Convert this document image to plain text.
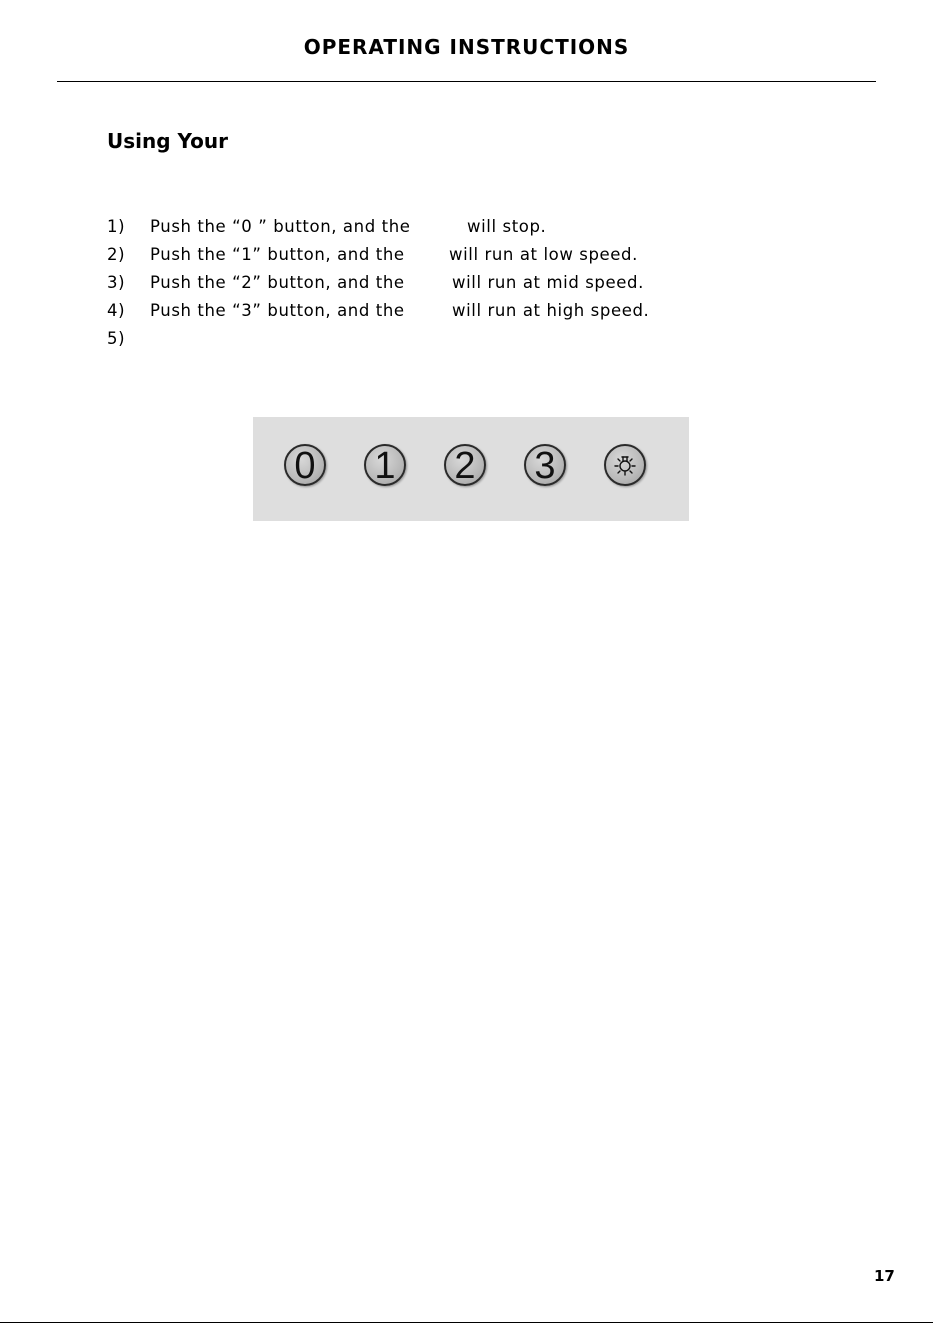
OPERATING INSTRUCTIONS
Using Your
1) Push the “0 ” button, and the	will stop.
2) Push the “1” button, and the	will run at low speed.
3) Push the “2” button, and the	will run at mid speed.
4) Push the “3” button, and the	will run at high speed.
5)
0 1 2 3
17
